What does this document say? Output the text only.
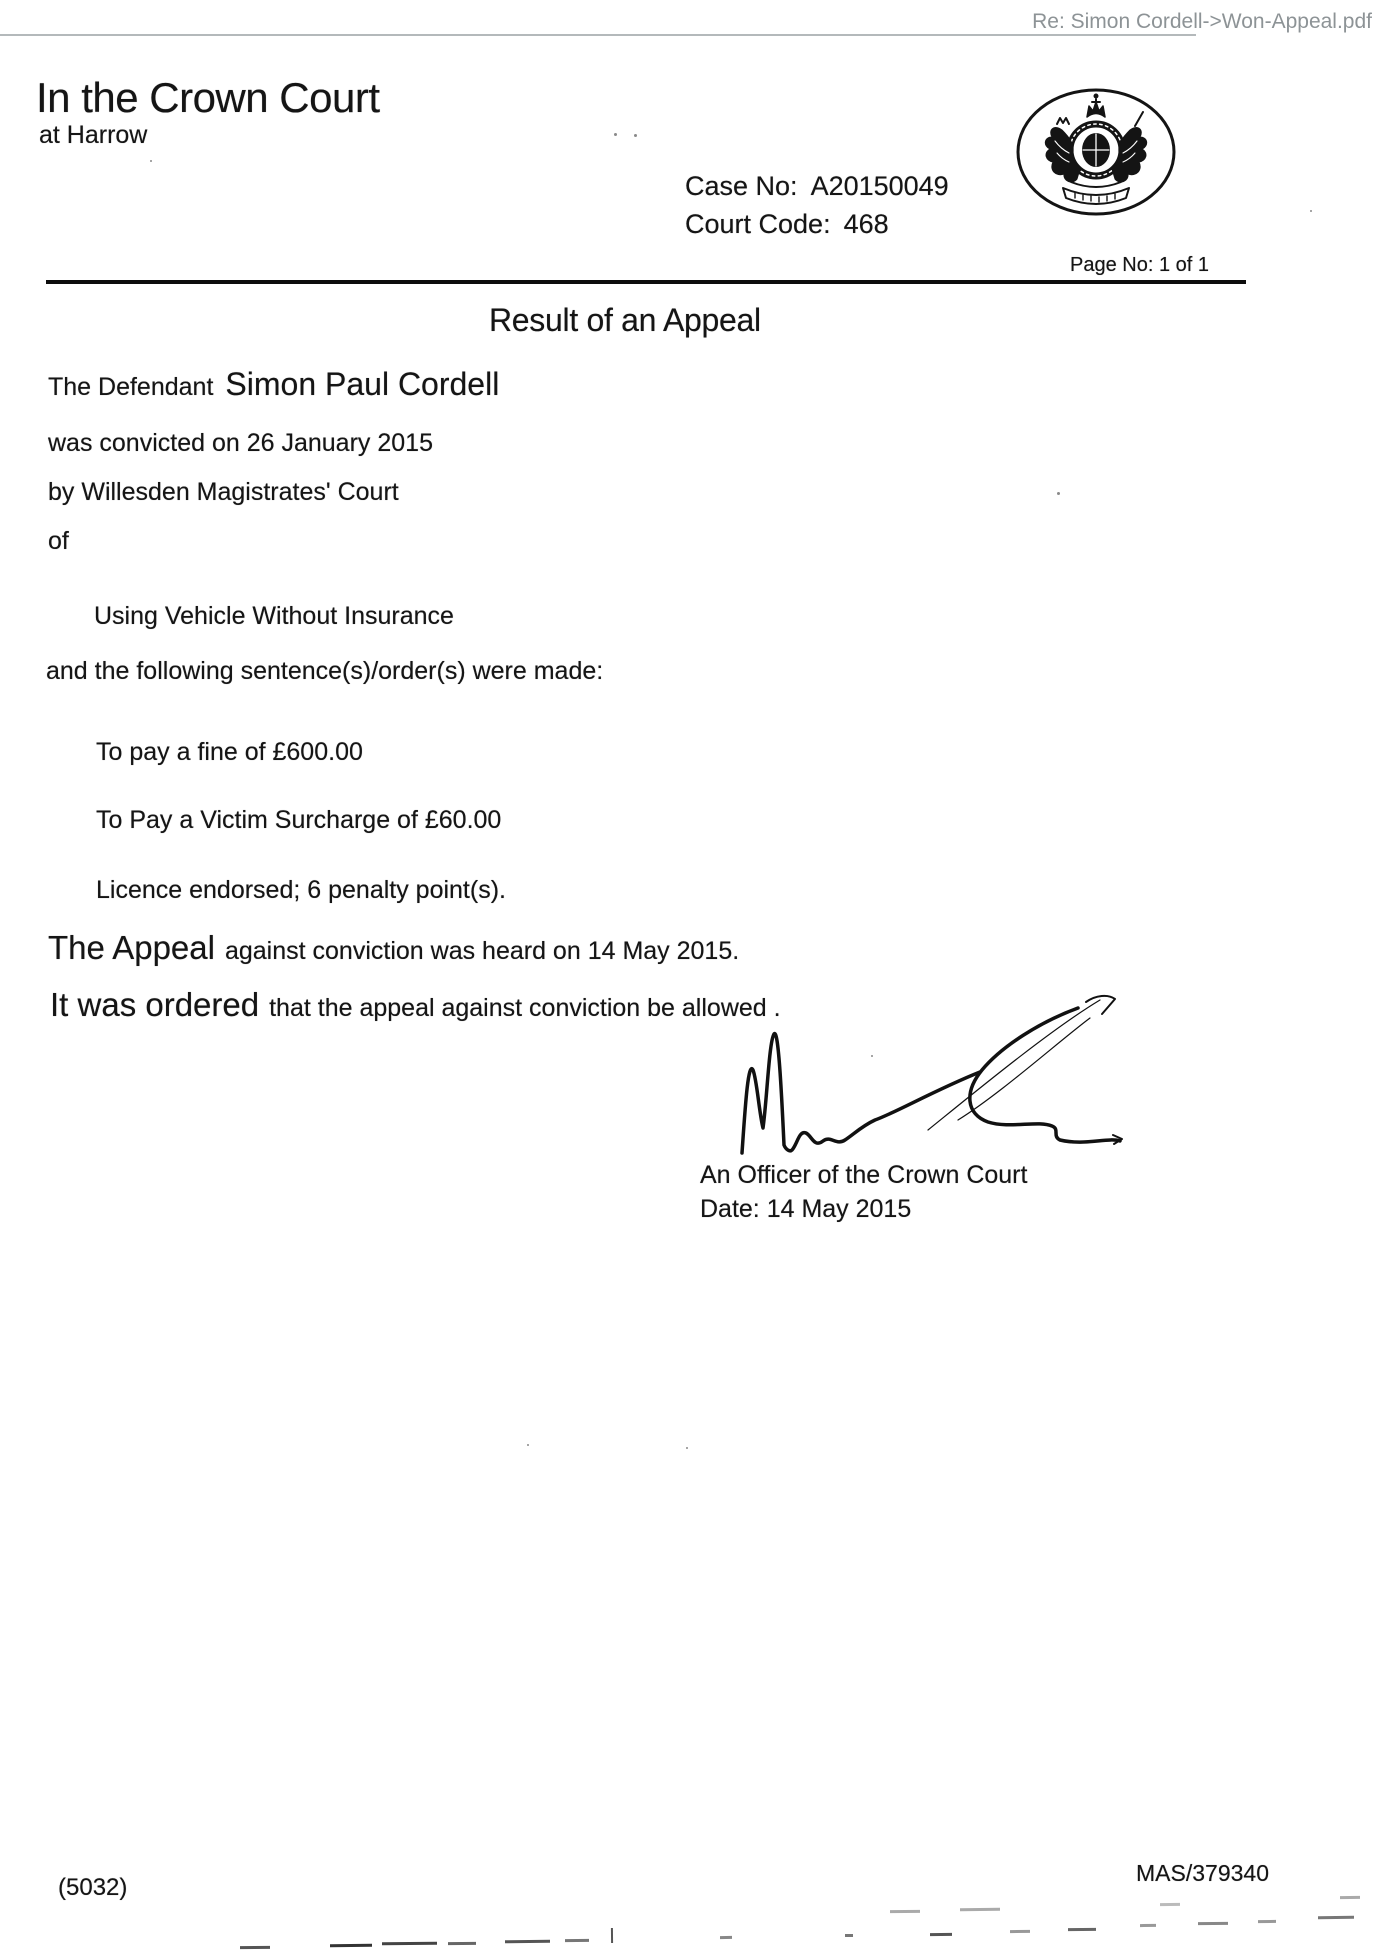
Re: Simon Cordell->Won-Appeal.pdf
In the Crown Court
at Harrow
Case No: A20150049
Court Code: 468
Page No: 1 of 1
Result of an Appeal
The Defendant Simon Paul Cordell
was convicted on 26 January 2015
by Willesden Magistrates' Court
of
Using Vehicle Without Insurance
and the following sentence(s)/order(s) were made:
To pay a fine of £600.00
To Pay a Victim Surcharge of £60.00
Licence endorsed; 6 penalty point(s).
The Appeal against conviction was heard on 14 May 2015.
It was ordered that the appeal against conviction be allowed .
An Officer of the Crown Court
Date: 14 May 2015
(5032)
MAS/379340
